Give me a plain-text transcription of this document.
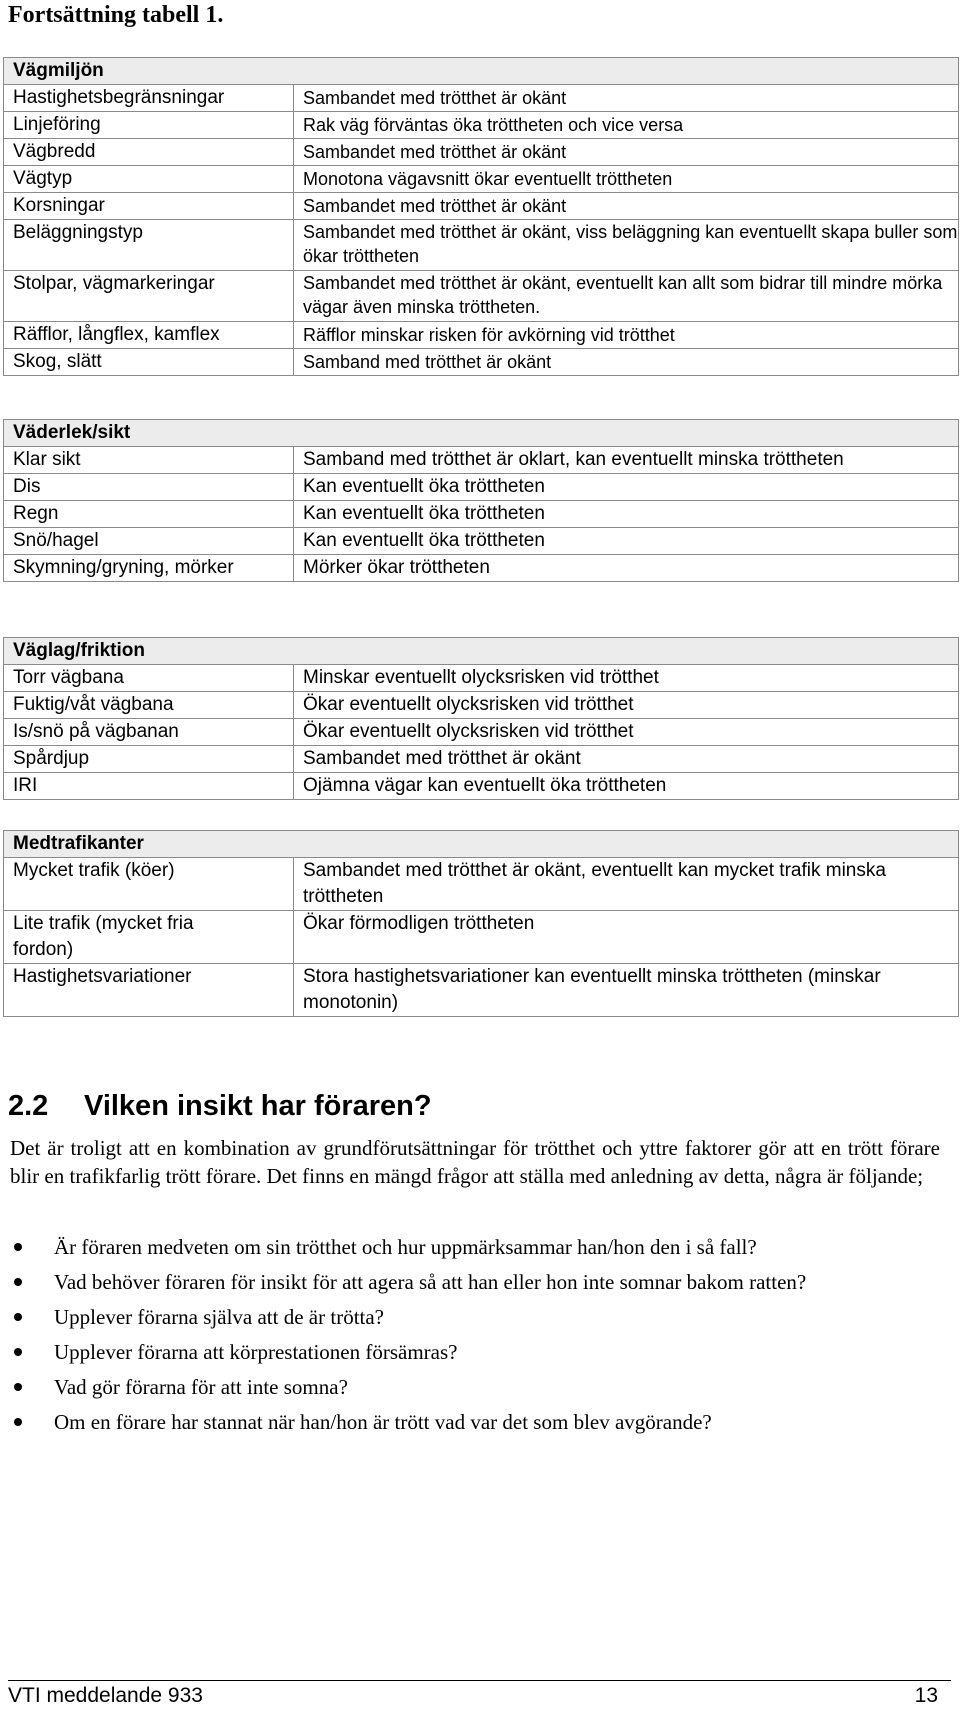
Fortsättning tabell 1.
Vägmiljön	
Hastighetsbegränsningar	Sambandet med trötthet är okänt
Linjeföring	Rak väg förväntas öka tröttheten och vice versa
Vägbredd	Sambandet med trötthet är okänt
Vägtyp	Monotona vägavsnitt ökar eventuellt tröttheten
Korsningar	Sambandet med trötthet är okänt
Beläggningstyp	Sambandet med trötthet är okänt, viss beläggning kan eventuellt skapa buller som ökar tröttheten
Stolpar, vägmarkeringar	Sambandet med trötthet är okänt, eventuellt kan allt som bidrar till mindre mörka vägar även minska tröttheten.
Räfflor, långflex, kamflex	Räfflor minskar risken för avkörning vid trötthet
Skog, slätt	Samband med trötthet är okänt
Väderlek/sikt	
Klar sikt	Samband med trötthet är oklart, kan eventuellt minska tröttheten
Dis	Kan eventuellt öka tröttheten
Regn	Kan eventuellt öka tröttheten
Snö/hagel	Kan eventuellt öka tröttheten
Skymning/gryning, mörker	Mörker ökar tröttheten
Väglag/friktion	
Torr vägbana	Minskar eventuellt olycksrisken vid trötthet
Fuktig/våt vägbana	Ökar eventuellt olycksrisken vid trötthet
Is/snö på vägbanan	Ökar eventuellt olycksrisken vid trötthet
Spårdjup	Sambandet med trötthet är okänt
IRI	Ojämna vägar kan eventuellt öka tröttheten
Medtrafikanter	
Mycket trafik (köer)	Sambandet med trötthet är okänt, eventuellt kan mycket trafik minska tröttheten
Lite trafik (mycket fria fordon)	Ökar förmodligen tröttheten
Hastighetsvariationer	Stora hastighetsvariationer kan eventuellt minska tröttheten (minskar monotonin)
2.2 Vilken insikt har föraren?

Det är troligt att en kombination av grundförutsättningar för trötthet och yttre faktorer gör att en trött förare blir en trafikfarlig trött förare. Det finns en mängd frågor att ställa med anledning av detta, några är följande;

Är föraren medveten om sin trötthet och hur uppmärksammar han/hon den i så fall?
Vad behöver föraren för insikt för att agera så att han eller hon inte somnar bakom ratten?
Upplever förarna själva att de är trötta?
Upplever förarna att körprestationen försämras?
Vad gör förarna för att inte somna?
Om en förare har stannat när han/hon är trött vad var det som blev avgörande?
VTI meddelande 933	13
